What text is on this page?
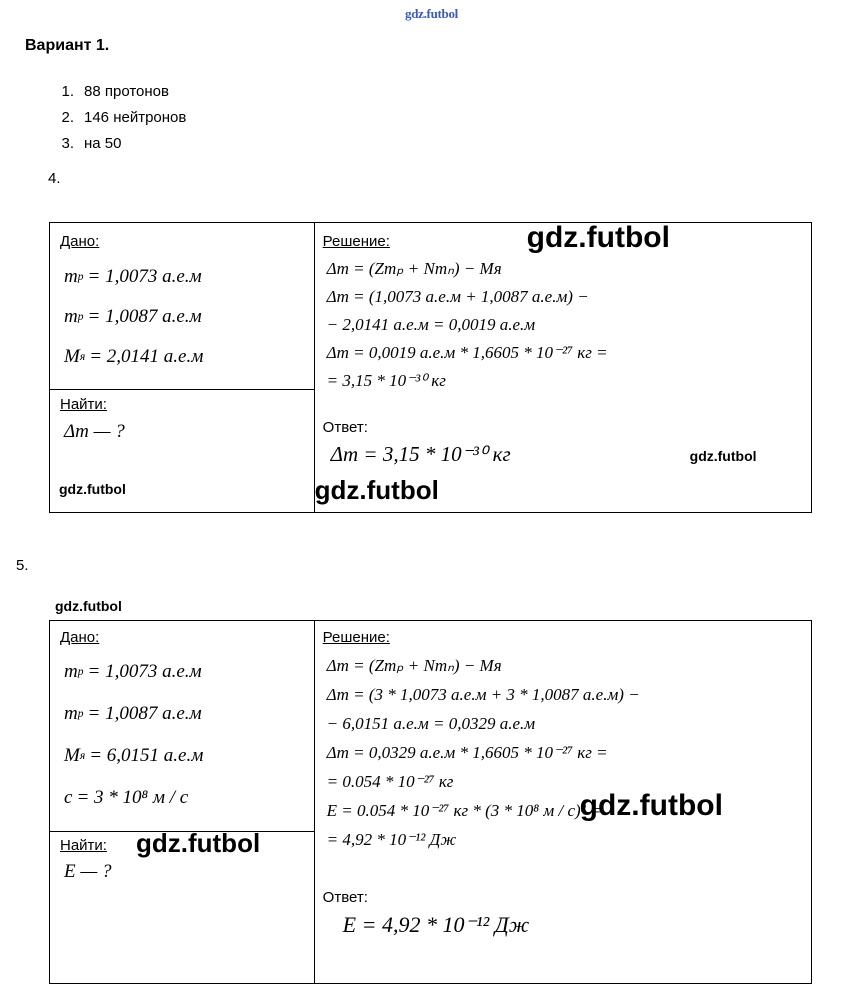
gdz.futbol
Вариант 1.
1. 88 протонов
2. 146 нейтронов
3. на 50
4.
Дано:
m p = 1,0073 а.е.м
m p = 1,0087 а.е.м
M я = 2,0141 а.е.м
Найти:
Δm — ?
gdz.futbol
Решение:
Δm = (Zmₚ + Nmₙ) − Mя
Δm = (1,0073 а.е.м + 1,0087 а.е.м) −
− 2,0141 а.е.м = 0,0019 а.е.м
Δm = 0,0019 а.е.м * 1,6605 * 10⁻²⁷ кг =
= 3,15 * 10⁻³⁰ кг
Ответ:
Δm = 3,15 * 10⁻³⁰ кг
gdz.futbol
gdz.futbol
gdz.futbol
5.
gdz.futbol
Дано:
m p = 1,0073 а.е.м
m p = 1,0087 а.е.м
M я = 6,0151 а.е.м
c = 3 * 10⁸ м / с
Найти:
E — ?
gdz.futbol
Решение:
Δm = (Zmₚ + Nmₙ) − Mя
Δm = (3 * 1,0073 а.е.м + 3 * 1,0087 а.е.м) −
− 6,0151 а.е.м = 0,0329 а.е.м
Δm = 0,0329 а.е.м * 1,6605 * 10⁻²⁷ кг =
= 0.054 * 10⁻²⁷ кг
E = 0.054 * 10⁻²⁷ кг * (3 * 10⁸ м / с)² =
= 4,92 * 10⁻¹² Дж
Ответ:
E = 4,92 * 10⁻¹² Дж
gdz.futbol
